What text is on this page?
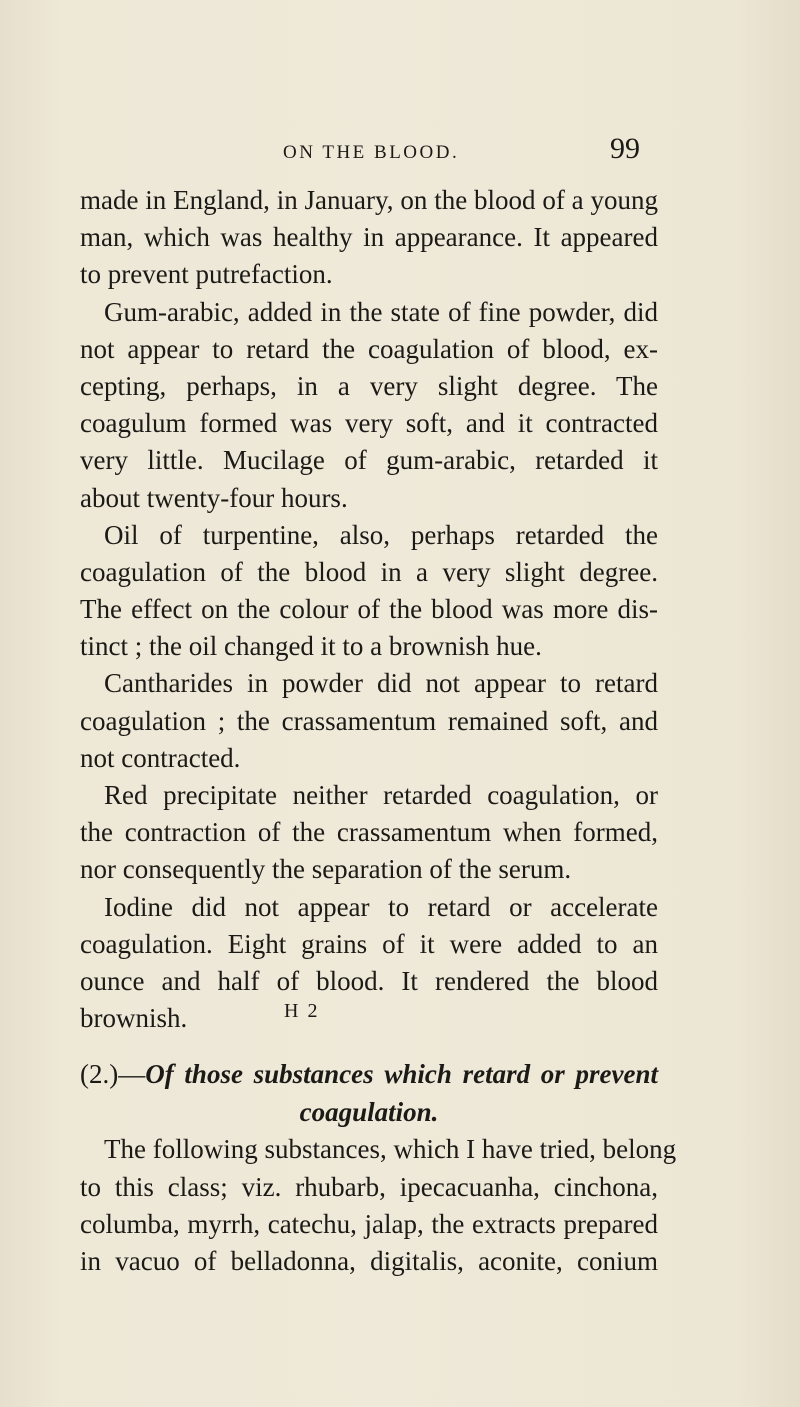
ON THE BLOOD.	99
made in England, in January, on the blood of a young
man, which was healthy in appearance. It appeared
to prevent putrefaction.
Gum-arabic, added in the state of fine powder, did
not appear to retard the coagulation of blood, ex-
cepting, perhaps, in a very slight degree. The
coagulum formed was very soft, and it contracted
very little. Mucilage of gum-arabic, retarded it
about twenty-four hours.
Oil of turpentine, also, perhaps retarded the
coagulation of the blood in a very slight degree.
The effect on the colour of the blood was more dis-
tinct ; the oil changed it to a brownish hue.
Cantharides in powder did not appear to retard
coagulation ; the crassamentum remained soft, and
not contracted.
Red precipitate neither retarded coagulation, or
the contraction of the crassamentum when formed,
nor consequently the separation of the serum.
Iodine did not appear to retard or accelerate
coagulation. Eight grains of it were added to an
ounce and half of blood. It rendered the blood
brownish.
(2.)—Of those substances which retard or prevent
coagulation.
The following substances, which I have tried, belong
to this class; viz. rhubarb, ipecacuanha, cinchona,
columba, myrrh, catechu, jalap, the extracts prepared
in vacuo of belladonna, digitalis, aconite, conium
H 2
